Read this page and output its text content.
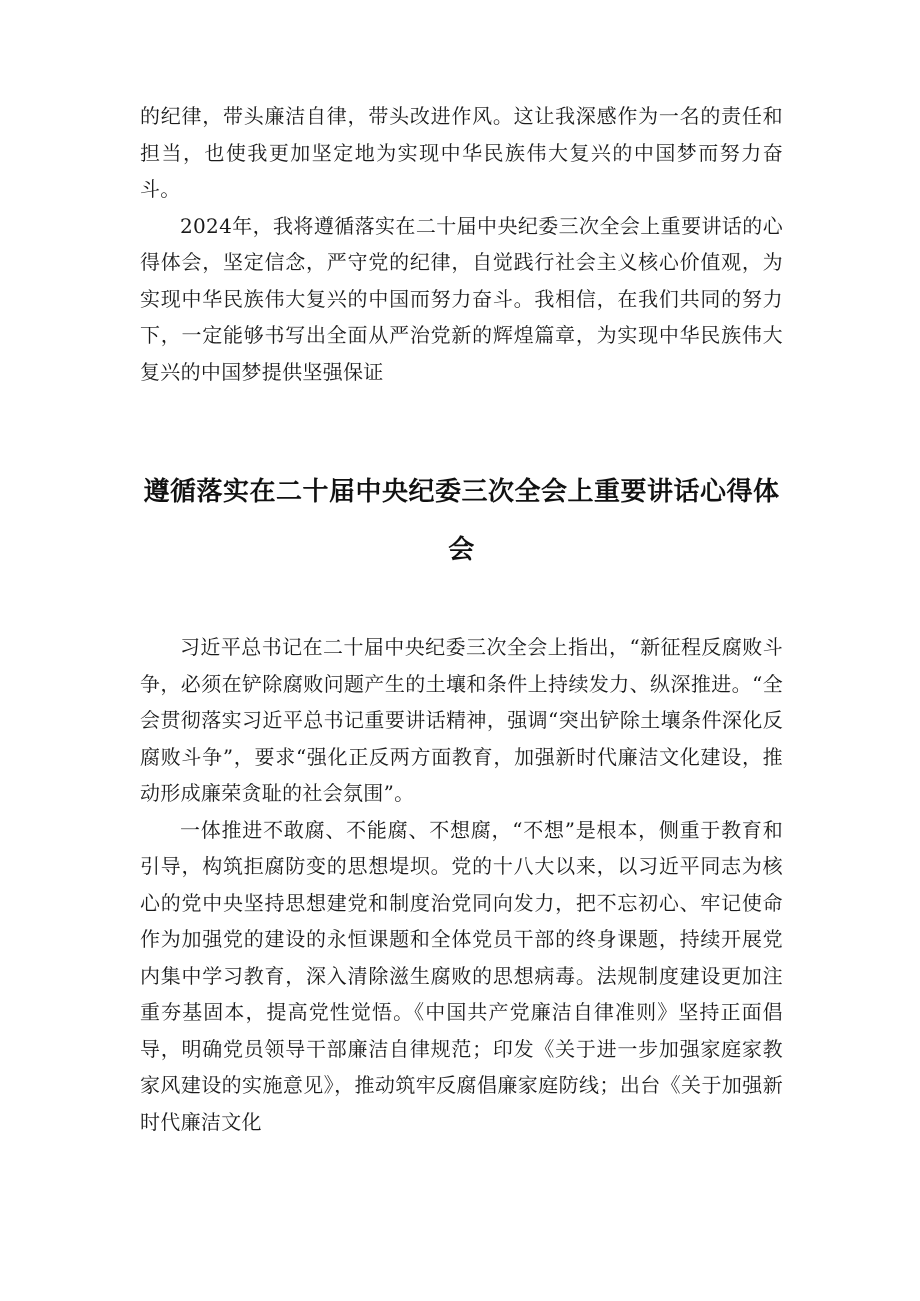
的纪律，带头廉洁自律，带头改进作风。这让我深感作为一名的责任和担当，也使我更加坚定地为实现中华民族伟大复兴的中国梦而努力奋斗。

2024年，我将遵循落实在二十届中央纪委三次全会上重要讲话的心得体会，坚定信念，严守党的纪律，自觉践行社会主义核心价值观，为实现中华民族伟大复兴的中国而努力奋斗。我相信，在我们共同的努力下，一定能够书写出全面从严治党新的辉煌篇章，为实现中华民族伟大复兴的中国梦提供坚强保证

遵循落实在二十届中央纪委三次全会上重要讲话心得体会

习近平总书记在二十届中央纪委三次全会上指出，“新征程反腐败斗争，必须在铲除腐败问题产生的土壤和条件上持续发力、纵深推进。“全会贯彻落实习近平总书记重要讲话精神，强调“突出铲除土壤条件深化反腐败斗争”，要求“强化正反两方面教育，加强新时代廉洁文化建设，推动形成廉荣贪耻的社会氛围”。

一体推进不敢腐、不能腐、不想腐，“不想”是根本，侧重于教育和引导，构筑拒腐防变的思想堤坝。党的十八大以来，以习近平同志为核心的党中央坚持思想建党和制度治党同向发力，把不忘初心、牢记使命作为加强党的建设的永恒课题和全体党员干部的终身课题，持续开展党内集中学习教育，深入清除滋生腐败的思想病毒。法规制度建设更加注重夯基固本，提高党性觉悟。《中国共产党廉洁自律准则》坚持正面倡导，明确党员领导干部廉洁自律规范；印发《关于进一步加强家庭家教家风建设的实施意见》，推动筑牢反腐倡廉家庭防线；出台《关于加强新时代廉洁文化
